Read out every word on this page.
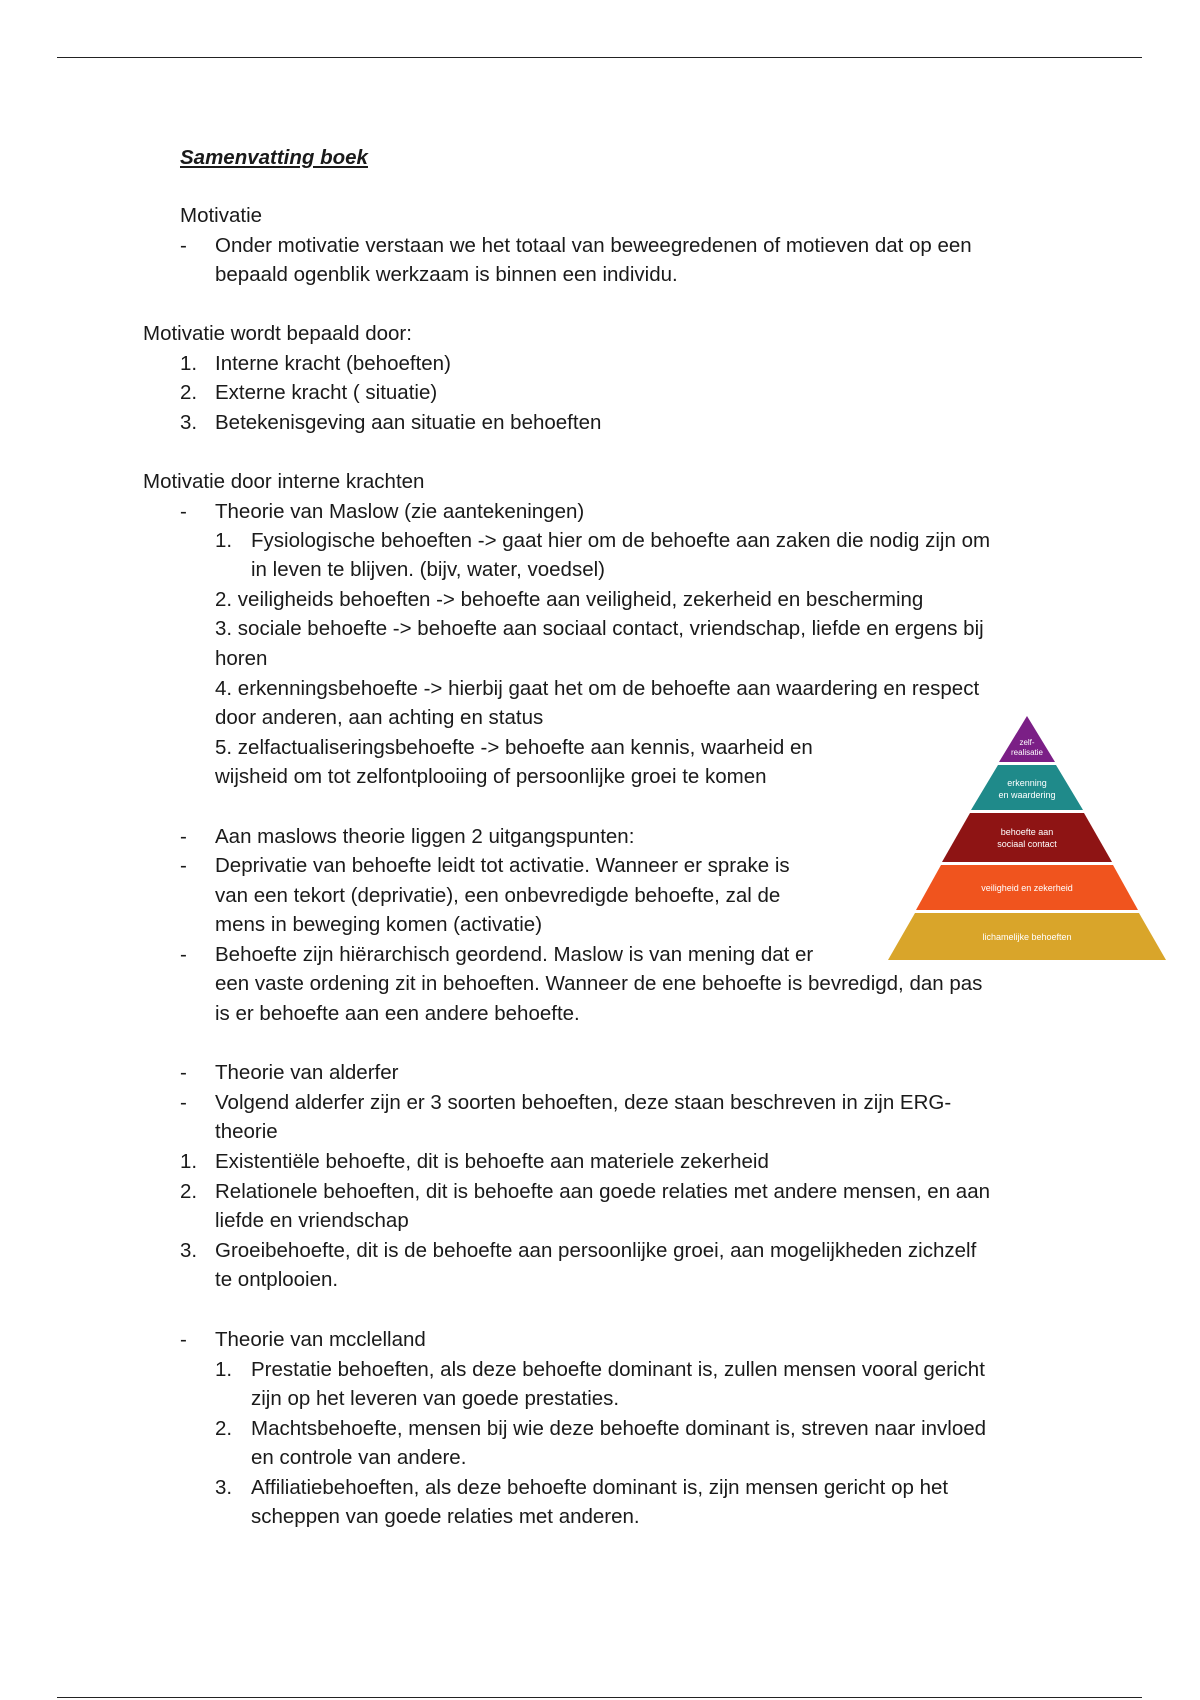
Samenvatting boek
Motivatie
- Onder motivatie verstaan we het totaal van beweegredenen of motieven dat op een
bepaald ogenblik werkzaam is binnen een individu.
Motivatie wordt bepaald door:
1. Interne kracht (behoeften)
2. Externe kracht ( situatie)
3. Betekenisgeving aan situatie en behoeften
Motivatie door interne krachten
- Theorie van Maslow (zie aantekeningen)
1. Fysiologische behoeften -> gaat hier om de behoefte aan zaken die nodig zijn om
in leven te blijven. (bijv, water, voedsel)
2. veiligheids behoeften -> behoefte aan veiligheid, zekerheid en bescherming
3. sociale behoefte -> behoefte aan sociaal contact, vriendschap, liefde en ergens bij
horen
4. erkenningsbehoefte -> hierbij gaat het om de behoefte aan waardering en respect
door anderen, aan achting en status
5. zelfactualiseringsbehoefte -> behoefte aan kennis, waarheid en
wijsheid om tot zelfontplooiing of persoonlijke groei te komen
- Aan maslows theorie liggen 2 uitgangspunten:
- Deprivatie van behoefte leidt tot activatie. Wanneer er sprake is
van een tekort (deprivatie), een onbevredigde behoefte, zal de
mens in beweging komen (activatie)
- Behoefte zijn hiërarchisch geordend. Maslow is van mening dat er
een vaste ordening zit in behoeften. Wanneer de ene behoefte is bevredigd, dan pas
is er behoefte aan een andere behoefte.
zelf-
realisatie
erkenning
en waardering
behoefte aan
sociaal contact
veiligheid en zekerheid
lichamelijke behoeften
- Theorie van alderfer
- Volgend alderfer zijn er 3 soorten behoeften, deze staan beschreven in zijn ERG-
theorie
1. Existentiële behoefte, dit is behoefte aan materiele zekerheid
2. Relationele behoeften, dit is behoefte aan goede relaties met andere mensen, en aan
liefde en vriendschap
3. Groeibehoefte, dit is de behoefte aan persoonlijke groei, aan mogelijkheden zichzelf
te ontplooien.
- Theorie van mcclelland
1. Prestatie behoeften, als deze behoefte dominant is, zullen mensen vooral gericht
zijn op het leveren van goede prestaties.
2. Machtsbehoefte, mensen bij wie deze behoefte dominant is, streven naar invloed
en controle van andere.
3. Affiliatiebehoeften, als deze behoefte dominant is, zijn mensen gericht op het
scheppen van goede relaties met anderen.
